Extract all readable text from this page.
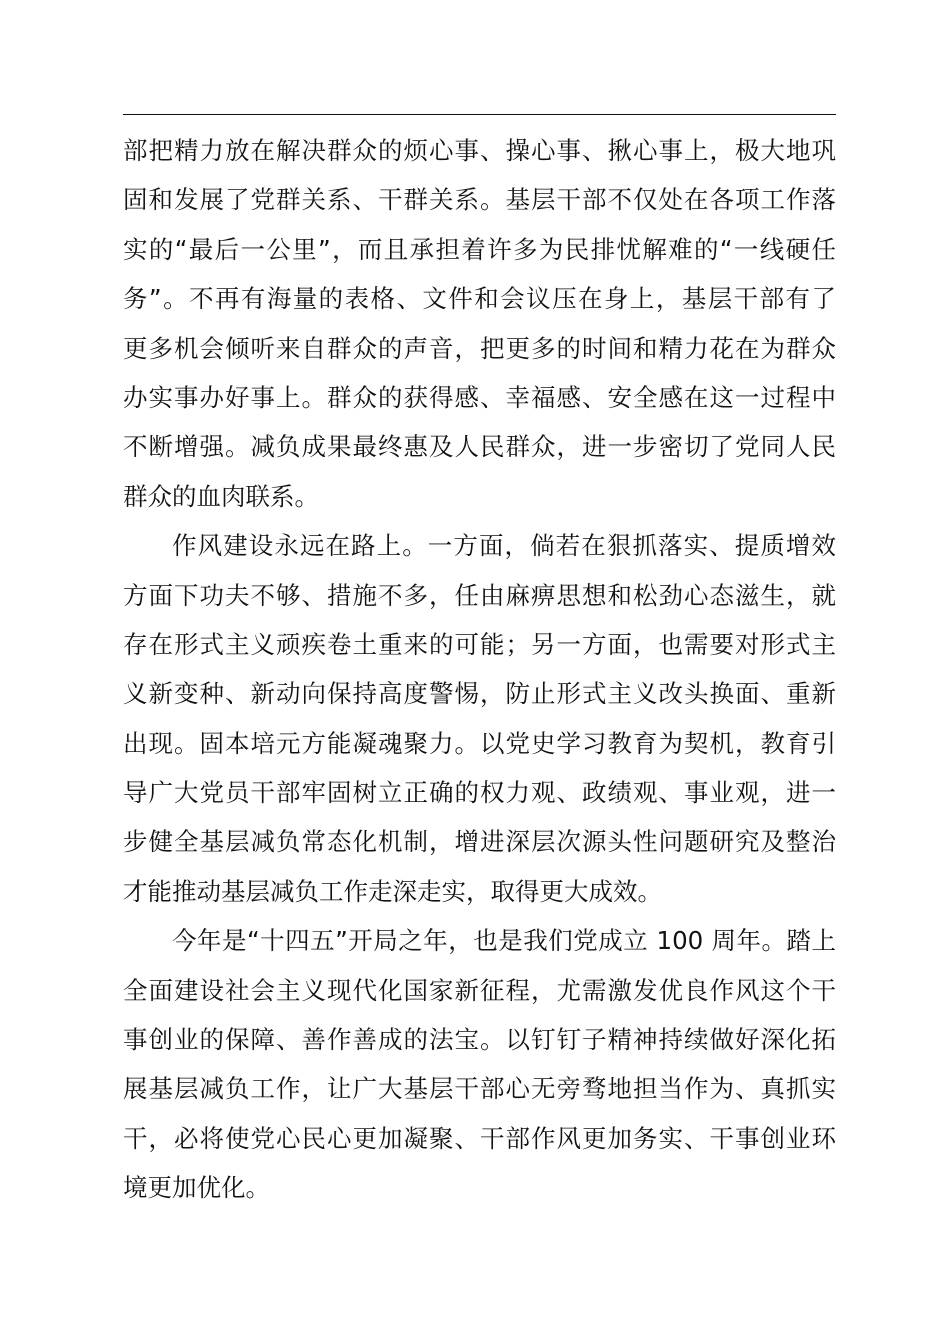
部把精力放在解决群众的烦心事、操心事、揪心事上，极大地巩
固和发展了党群关系、干群关系。基层干部不仅处在各项工作落
实的“最后一公里”，而且承担着许多为民排忧解难的“一线硬任
务”。不再有海量的表格、文件和会议压在身上，基层干部有了
更多机会倾听来自群众的声音，把更多的时间和精力花在为群众
办实事办好事上。群众的获得感、幸福感、安全感在这一过程中
不断增强。减负成果最终惠及人民群众，进一步密切了党同人民
群众的血肉联系。
作风建设永远在路上。一方面，倘若在狠抓落实、提质增效
方面下功夫不够、措施不多，任由麻痹思想和松劲心态滋生，就
存在形式主义顽疾卷土重来的可能；另一方面，也需要对形式主
义新变种、新动向保持高度警惕，防止形式主义改头换面、重新
出现。固本培元方能凝魂聚力。以党史学习教育为契机，教育引
导广大党员干部牢固树立正确的权力观、政绩观、事业观，进一
步健全基层减负常态化机制，增进深层次源头性问题研究及整治
才能推动基层减负工作走深走实，取得更大成效。
今年是“十四五”开局之年，也是我们党成立 100 周年。踏上
全面建设社会主义现代化国家新征程，尤需激发优良作风这个干
事创业的保障、善作善成的法宝。以钉钉子精神持续做好深化拓
展基层减负工作，让广大基层干部心无旁骛地担当作为、真抓实
干，必将使党心民心更加凝聚、干部作风更加务实、干事创业环
境更加优化。
